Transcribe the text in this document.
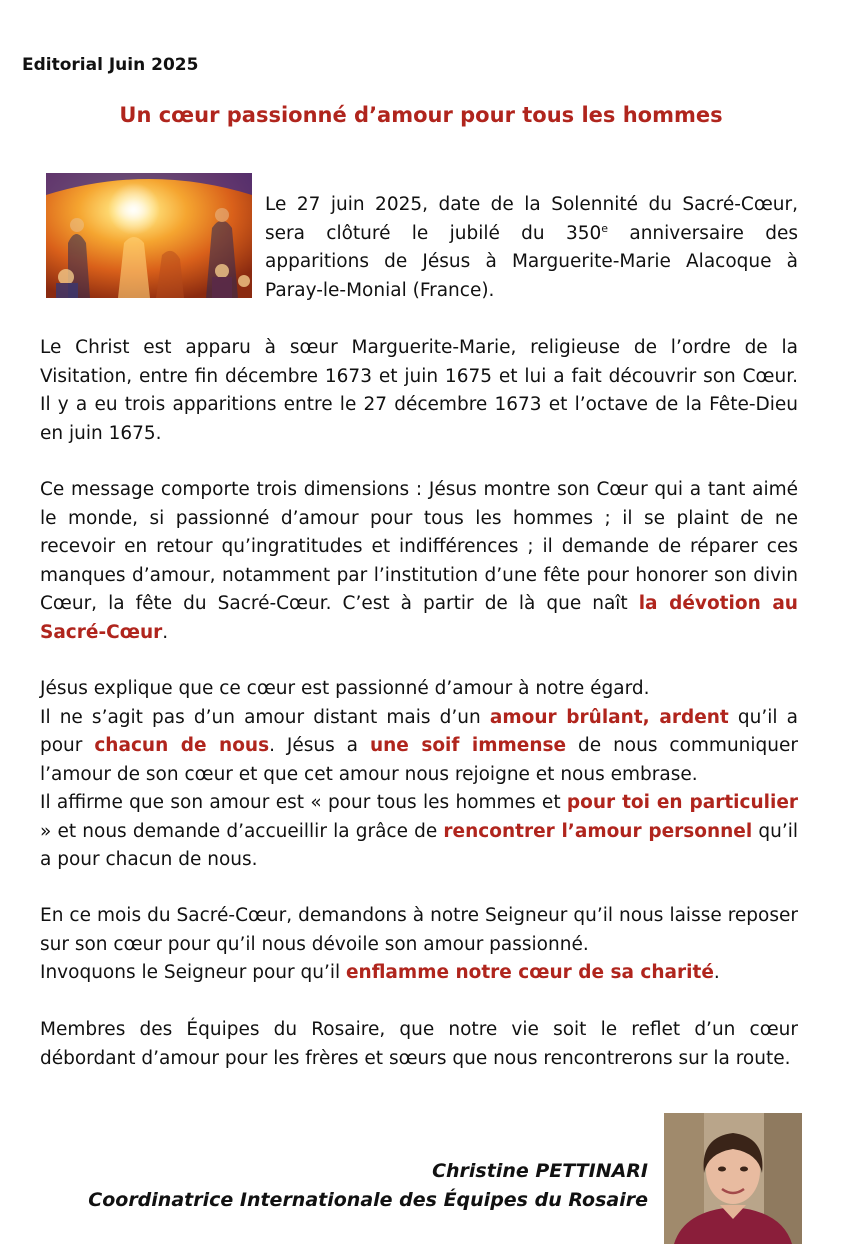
Editorial Juin 2025
Un cœur passionné d’amour pour tous les hommes
Le 27 juin 2025, date de la Solennité du Sacré-Cœur, sera clôturé le jubilé du 350e anniversaire des apparitions de Jésus à Marguerite-Marie Alacoque à Paray-le-Monial (France).

Le Christ est apparu à sœur Marguerite-Marie, religieuse de l’ordre de la Visitation, entre fin décembre 1673 et juin 1675 et lui a fait découvrir son Cœur. Il y a eu trois apparitions entre le 27 décembre 1673 et l’octave de la Fête-Dieu en juin 1675.

Ce message comporte trois dimensions : Jésus montre son Cœur qui a tant aimé le monde, si passionné d’amour pour tous les hommes ; il se plaint de ne recevoir en retour qu’ingratitudes et indifférences ; il demande de réparer ces manques d’amour, notamment par l’institution d’une fête pour honorer son divin Cœur, la fête du Sacré-Cœur. C’est à partir de là que naît la dévotion au Sacré-Cœur.

Jésus explique que ce cœur est passionné d’amour à notre égard.
Il ne s’agit pas d’un amour distant mais d’un amour brûlant, ardent qu’il a pour chacun de nous. Jésus a une soif immense de nous communiquer l’amour de son cœur et que cet amour nous rejoigne et nous embrase.
Il affirme que son amour est « pour tous les hommes et pour toi en particulier » et nous demande d’accueillir la grâce de rencontrer l’amour personnel qu’il a pour chacun de nous.

En ce mois du Sacré-Cœur, demandons à notre Seigneur qu’il nous laisse reposer sur son cœur pour qu’il nous dévoile son amour passionné.
Invoquons le Seigneur pour qu’il enflamme notre cœur de sa charité.

Membres des Équipes du Rosaire, que notre vie soit le reflet d’un cœur débordant d’amour pour les frères et sœurs que nous rencontrerons sur la route.

Christine PETTINARI
Coordinatrice Internationale des Équipes du Rosaire
